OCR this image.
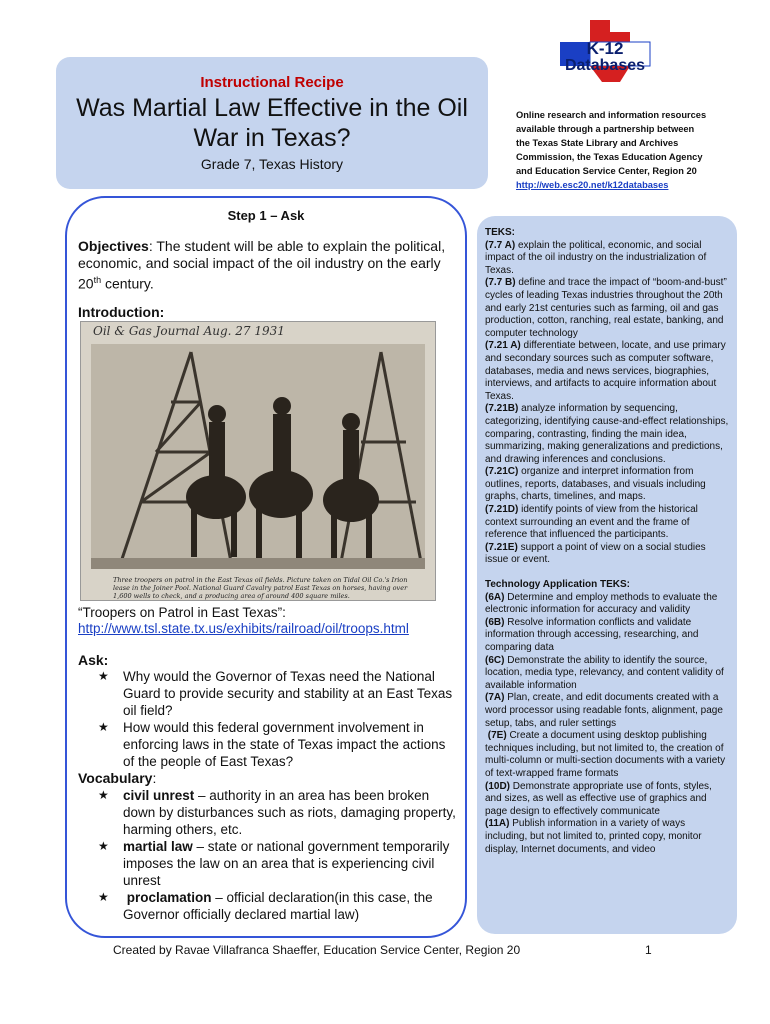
Instructional Recipe
Was Martial Law Effective in the Oil
War in Texas?
Grade 7, Texas History
K-12
Databases
Online research and information resources
available through a partnership between
the Texas State Library and Archives
Commission, the Texas Education Agency
and Education Service Center, Region 20
http://web.esc20.net/k12databases
Step 1 – Ask
Objectives: The student will be able to explain the political, economic, and social impact of the oil industry on the early 20th century.
Introduction:
Oil & Gas Journal Aug. 27 1931
Three troopers on patrol in the East Texas oil fields. Picture taken on Tidal Oil Co.'s Irion lease in the Joiner Pool. National Guard Cavalry patrol East Texas on horses, having over 1,600 wells to check, and a producing area of around 400 square miles.
“Troopers on Patrol in East Texas”:
http://www.tsl.state.tx.us/exhibits/railroad/oil/troops.html
Ask:
★ Why would the Governor of Texas need the National Guard to provide security and stability at an East Texas oil field?
★ How would this federal government involvement in enforcing laws in the state of Texas impact the actions of the people of East Texas?
Vocabulary:
★ civil unrest – authority in an area has been broken down by disturbances such as riots, damaging property, harming others, etc.
★ martial law – state or national government temporarily imposes the law on an area that is experiencing civil unrest
★ proclamation – official declaration(in this case, the Governor officially declared martial law)

TEKS:

(7.7 A) explain the political, economic, and social impact of the oil industry on the industrialization of Texas.

(7.7 B) define and trace the impact of “boom-and-bust” cycles of leading Texas industries throughout the 20th and early 21st centuries such as farming, oil and gas production, cotton, ranching, real estate, banking, and computer technology

(7.21 A) differentiate between, locate, and use primary and secondary sources such as computer software, databases, media and news services, biographies, interviews, and artifacts to acquire information about Texas.

(7.21B) analyze information by sequencing, categorizing, identifying cause-and-effect relationships, comparing, contrasting, finding the main idea, summarizing, making generalizations and predictions, and drawing inferences and conclusions.

(7.21C) organize and interpret information from outlines, reports, databases, and visuals including graphs, charts, timelines, and maps.

(7.21D) identify points of view from the historical context surrounding an event and the frame of reference that influenced the participants.

(7.21E) support a point of view on a social studies issue or event.

Technology Application TEKS:

(6A) Determine and employ methods to evaluate the electronic information for accuracy and validity

(6B) Resolve information conflicts and validate information through accessing, researching, and comparing data

(6C) Demonstrate the ability to identify the source, location, media type, relevancy, and content validity of available information

(7A) Plan, create, and edit documents created with a word processor using readable fonts, alignment, page setup, tabs, and ruler settings

(7E) Create a document using desktop publishing techniques including, but not limited to, the creation of multi-column or multi-section documents with a variety of text-wrapped frame formats

(10D) Demonstrate appropriate use of fonts, styles, and sizes, as well as effective use of graphics and page design to effectively communicate

(11A) Publish information in a variety of ways including, but not limited to, printed copy, monitor display, Internet documents, and video

Created by Ravae Villafranca Shaeffer, Education Service Center, Region 20	1
